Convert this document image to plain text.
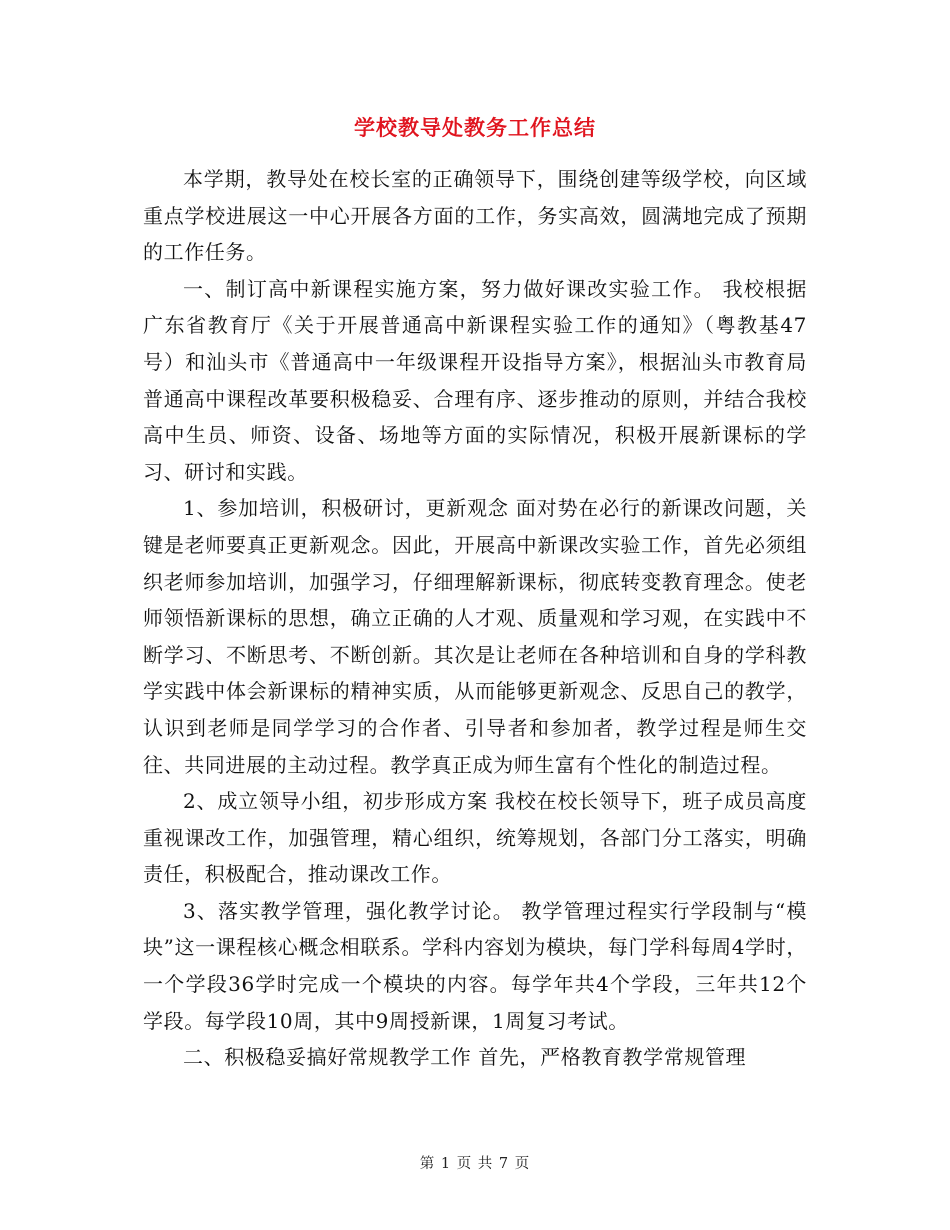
学校教导处教务工作总结

本学期，教导处在校长室的正确领导下，围绕创建等级学校，向区域重点学校进展这一中心开展各方面的工作，务实高效，圆满地完成了预期的工作任务。

一、制订高中新课程实施方案，努力做好课改实验工作。 我校根据广东省教育厅《关于开展普通高中新课程实验工作的通知》（粤教基47号）和汕头市《普通高中一年级课程开设指导方案》，根据汕头市教育局普通高中课程改革要积极稳妥、合理有序、逐步推动的原则，并结合我校高中生员、师资、设备、场地等方面的实际情况，积极开展新课标的学习、研讨和实践。

1、参加培训，积极研讨，更新观念 面对势在必行的新课改问题，关键是老师要真正更新观念。因此，开展高中新课改实验工作，首先必须组织老师参加培训，加强学习，仔细理解新课标，彻底转变教育理念。使老师领悟新课标的思想，确立正确的人才观、质量观和学习观，在实践中不断学习、不断思考、不断创新。其次是让老师在各种培训和自身的学科教学实践中体会新课标的精神实质，从而能够更新观念、反思自己的教学，认识到老师是同学学习的合作者、引导者和参加者，教学过程是师生交往、共同进展的主动过程。教学真正成为师生富有个性化的制造过程。

2、成立领导小组，初步形成方案 我校在校长领导下，班子成员高度重视课改工作，加强管理，精心组织，统筹规划，各部门分工落实，明确责任，积极配合，推动课改工作。

3、落实教学管理，强化教学讨论。 教学管理过程实行学段制与“模块”这一课程核心概念相联系。学科内容划为模块，每门学科每周4学时，一个学段36学时完成一个模块的内容。每学年共4个学段，三年共12个学段。每学段10周，其中9周授新课，1周复习考试。

二、积极稳妥搞好常规教学工作 首先，严格教育教学常规管理

第 1 页 共 7 页
